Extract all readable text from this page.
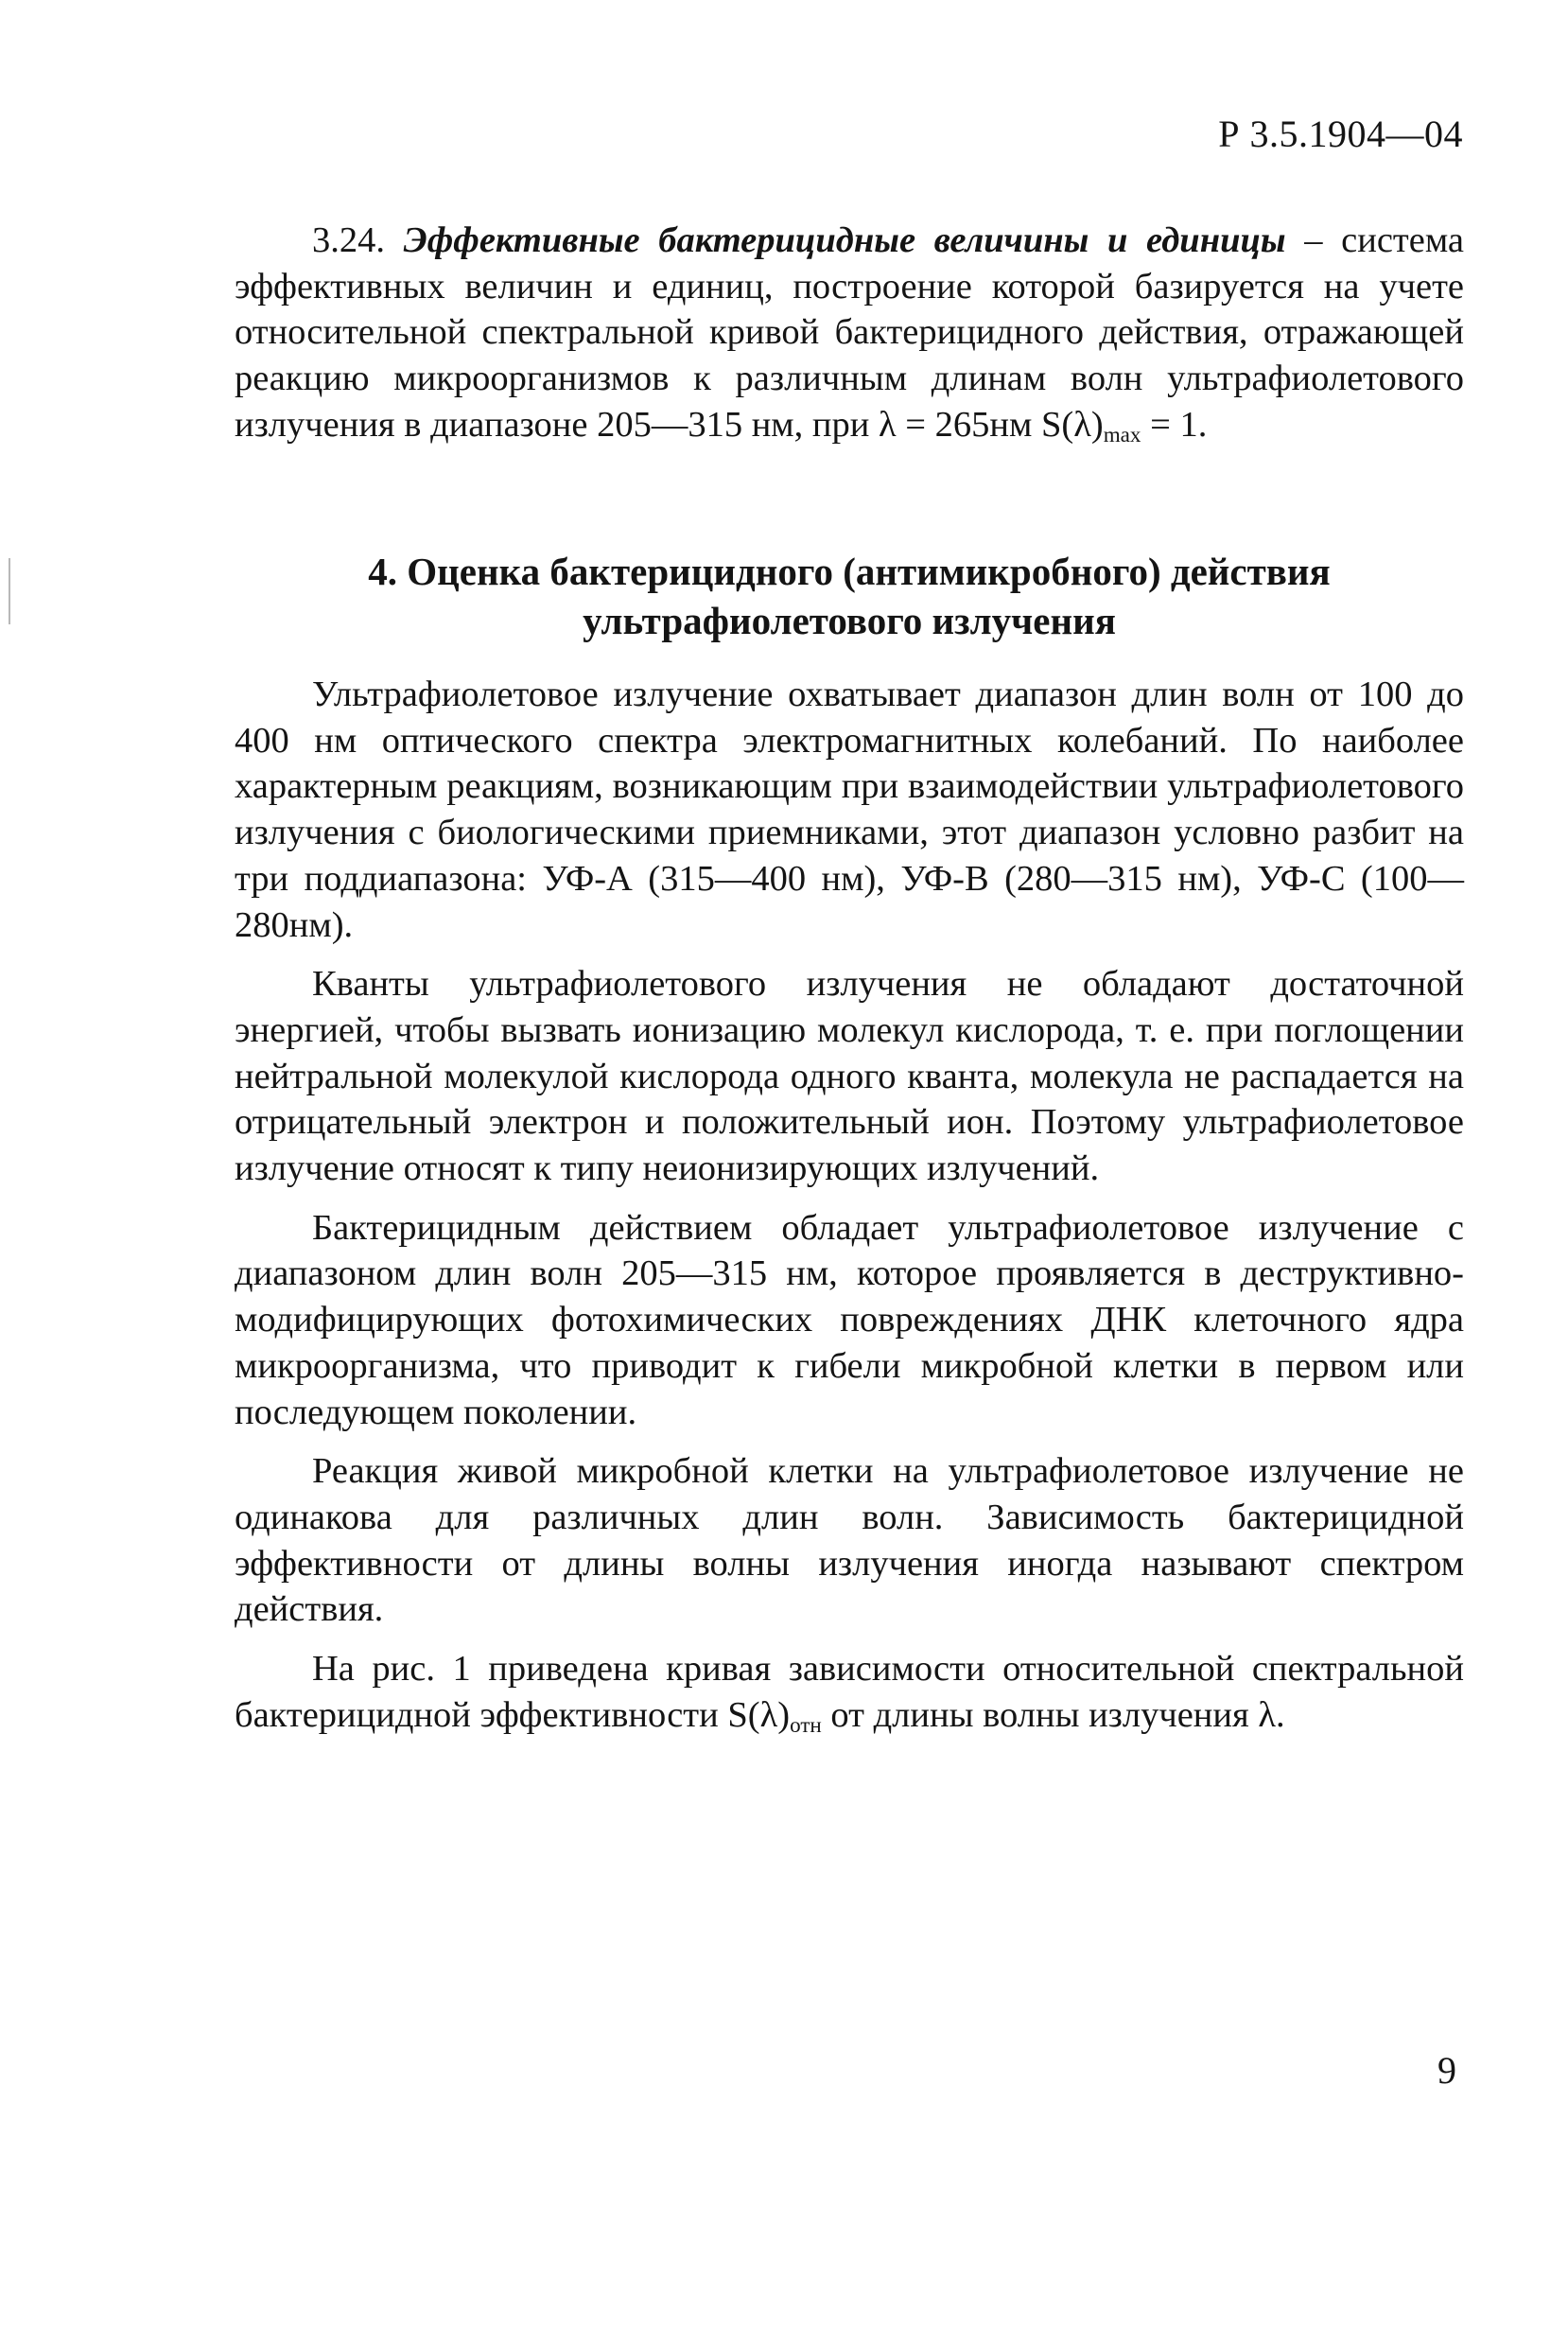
Р 3.5.1904—04

3.24. Эффективные бактерицидные величины и единицы – система эффективных величин и единиц, построение которой базируется на учете относительной спектральной кривой бактерицидного действия, отражающей реакцию микроорганизмов к различным длинам волн ультрафиолетового излучения в диапазоне 205—315 нм, при λ = 265нм $S(\lambda)_{max} = 1$.

4. Оценка бактерицидного (антимикробного) действия
ультрафиолетового излучения

Ультрафиолетовое излучение охватывает диапазон длин волн от 100 до 400 нм оптического спектра электромагнитных колебаний. По наиболее характерным реакциям, возникающим при взаимодействии ультрафиолетового излучения с биологическими приемниками, этот диапазон условно разбит на три поддиапазона: УФ-А (315—400 нм), УФ-В (280—315 нм), УФ-С (100—280нм).

Кванты ультрафиолетового излучения не обладают достаточной энергией, чтобы вызвать ионизацию молекул кислорода, т. е. при поглощении нейтральной молекулой кислорода одного кванта, молекула не распадается на отрицательный электрон и положительный ион. Поэтому ультрафиолетовое излучение относят к типу неионизирующих излучений.

Бактерицидным действием обладает ультрафиолетовое излучение с диапазоном длин волн 205—315 нм, которое проявляется в деструктивно-модифицирующих фотохимических повреждениях ДНК клеточного ядра микроорганизма, что приводит к гибели микробной клетки в первом или последующем поколении.

Реакция живой микробной клетки на ультрафиолетовое излучение не одинакова для различных длин волн. Зависимость бактерицидной эффективности от длины волны излучения иногда называют спектром действия.

На рис. 1 приведена кривая зависимости относительной спектральной бактерицидной эффективности $S(\lambda)_{отн}$ от длины волны излучения λ.

9
